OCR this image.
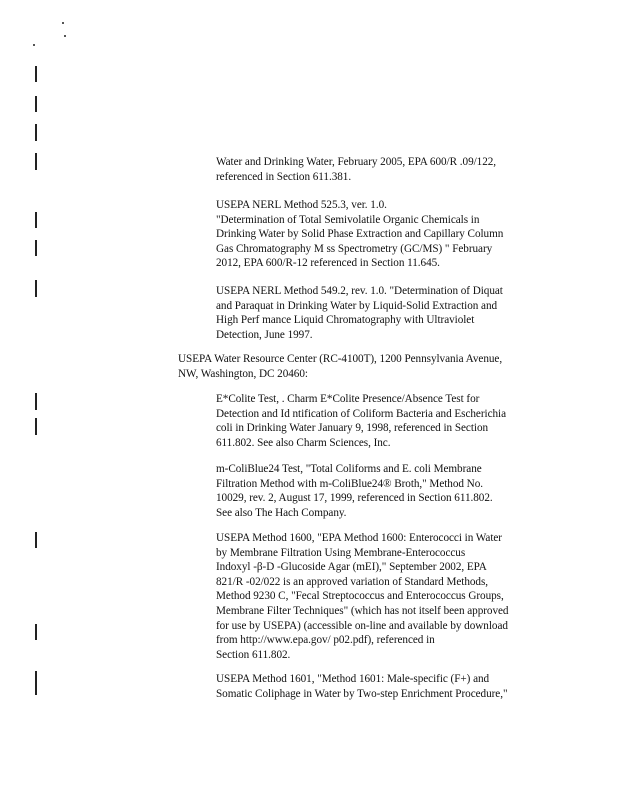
Water and Drinking Water, February 2005, EPA 600/R .09/122,
referenced in Section 611.381.

USEPA NERL Method 525.3, ver. 1.0.
"Determination of Total Semivolatile Organic Chemicals in
Drinking Water by Solid Phase Extraction and Capillary Column
Gas Chromatography M ss Spectrometry (GC/MS) " February
2012, EPA 600/R-12 referenced in Section 11.645.

USEPA NERL Method 549.2, rev. 1.0. "Determination of Diquat
and Paraquat in Drinking Water by Liquid-Solid Extraction and
High Perf mance Liquid Chromatography with Ultraviolet
Detection, June 1997.

USEPA Water Resource Center (RC-4100T), 1200 Pennsylvania Avenue,
NW, Washington, DC 20460:

E*Colite Test, . Charm E*Colite Presence/Absence Test for
Detection and Id ntification of Coliform Bacteria and Escherichia
coli in Drinking Water January 9, 1998, referenced in Section
611.802. See also Charm Sciences, Inc.

m-ColiBlue24 Test, "Total Coliforms and E. coli Membrane
Filtration Method with m-ColiBlue24® Broth," Method No.
10029, rev. 2, August 17, 1999, referenced in Section 611.802.
See also The Hach Company.

USEPA Method 1600, "EPA Method 1600: Enterococci in Water
by Membrane Filtration Using Membrane-Enterococcus
Indoxyl -β-D -Glucoside Agar (mEI)," September 2002, EPA
821/R -02/022 is an approved variation of Standard Methods,
Method 9230 C, "Fecal Streptococcus and Enterococcus Groups,
Membrane Filter Techniques" (which has not itself been approved
for use by USEPA) (accessible on-line and available by download
from http://www.epa.gov/ p02.pdf), referenced in
Section 611.802.

USEPA Method 1601, "Method 1601: Male-specific (F+) and
Somatic Coliphage in Water by Two-step Enrichment Procedure,"
